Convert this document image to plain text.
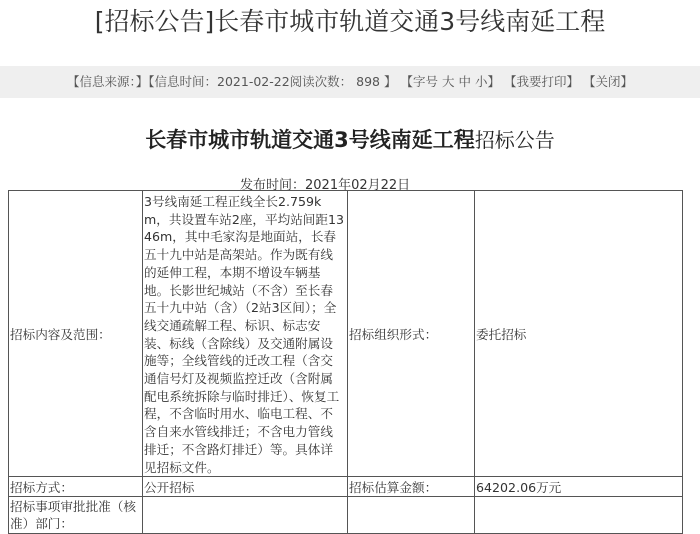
[招标公告]长春市城市轨道交通3号线南延工程
【信息来源：】【信息时间：2021-02-22阅读次数： 898 】 【字号 大 中 小】 【我要打印】 【关闭】
长春市城市轨道交通3号线南延工程招标公告
发布时间：2021年02月22日
招标内容及范围：	3号线南延工程正线全长2.759km，共设置车站2座，平均站间距1346m，其中毛家沟是地面站，长春五十九中站是高架站。作为既有线的延伸工程，本期不增设车辆基地。长影世纪城站（不含）至长春五十九中站（含）（2站3区间）；全线交通疏解工程、标识、标志安装、标线（含除线）及交通附属设施等；全线管线的迁改工程（含交通信号灯及视频监控迁改（含附属配电系统拆除与临时排迁）、恢复工程，不含临时用水、临电工程、不含自来水管线排迁；不含电力管线排迁；不含路灯排迁）等。具体详见招标文件。	招标组织形式：	委托招标
招标方式：	公开招标	招标估算金额：	64202.06万元
招标事项审批批准（核准）部门：			
